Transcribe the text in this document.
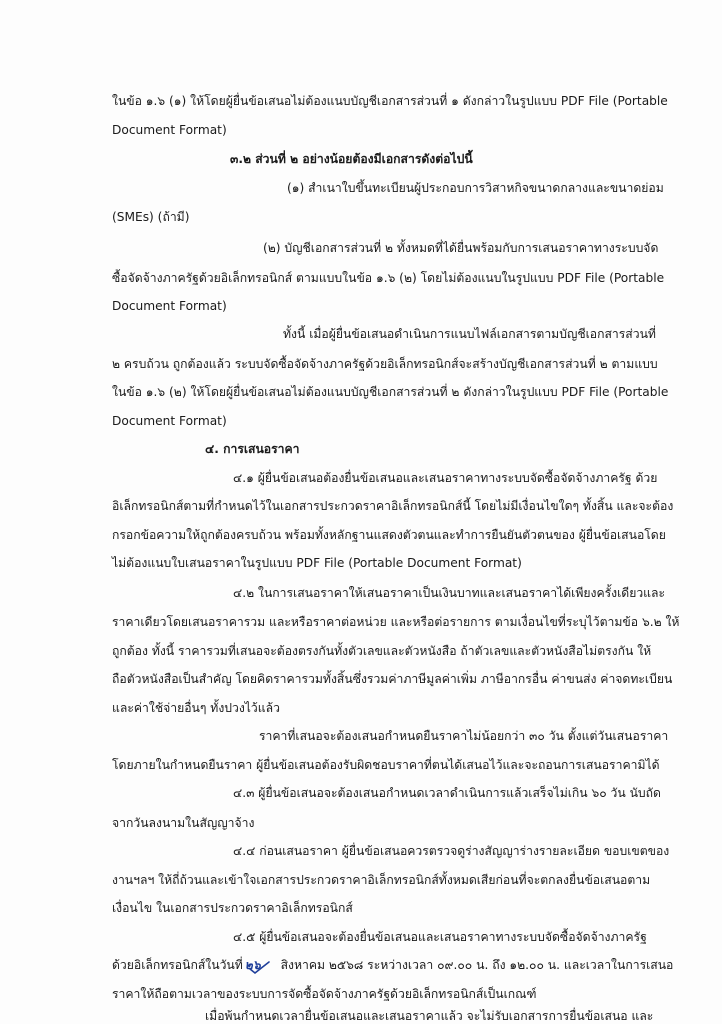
ในข้อ ๑.๖ (๑) ให้โดยผู้ยื่นข้อเสนอไม่ต้องแนบบัญชีเอกสารส่วนที่ ๑ ดังกล่าวในรูปแบบ PDF File (Portable
Document Format)
๓.๒ ส่วนที่ ๒ อย่างน้อยต้องมีเอกสารดังต่อไปนี้
(๑) สำเนาใบขึ้นทะเบียนผู้ประกอบการวิสาหกิจขนาดกลางและขนาดย่อม
(SMEs) (ถ้ามี)
(๒) บัญชีเอกสารส่วนที่ ๒ ทั้งหมดที่ได้ยื่นพร้อมกับการเสนอราคาทางระบบจัด
ซื้อจัดจ้างภาครัฐด้วยอิเล็กทรอนิกส์ ตามแบบในข้อ ๑.๖ (๒) โดยไม่ต้องแนบในรูปแบบ PDF File (Portable
Document Format)
ทั้งนี้ เมื่อผู้ยื่นข้อเสนอดำเนินการแนบไฟล์เอกสารตามบัญชีเอกสารส่วนที่
๒ ครบถ้วน ถูกต้องแล้ว ระบบจัดซื้อจัดจ้างภาครัฐด้วยอิเล็กทรอนิกส์จะสร้างบัญชีเอกสารส่วนที่ ๒ ตามแบบ
ในข้อ ๑.๖ (๒) ให้โดยผู้ยื่นข้อเสนอไม่ต้องแนบบัญชีเอกสารส่วนที่ ๒ ดังกล่าวในรูปแบบ PDF File (Portable
Document Format)
๔. การเสนอราคา
๔.๑ ผู้ยื่นข้อเสนอต้องยื่นข้อเสนอและเสนอราคาทางระบบจัดซื้อจัดจ้างภาครัฐ ด้วย
อิเล็กทรอนิกส์ตามที่กำหนดไว้ในเอกสารประกวดราคาอิเล็กทรอนิกส์นี้ โดยไม่มีเงื่อนไขใดๆ ทั้งสิ้น และจะต้อง
กรอกข้อความให้ถูกต้องครบถ้วน พร้อมทั้งหลักฐานแสดงตัวตนและทำการยืนยันตัวตนของ ผู้ยื่นข้อเสนอโดย
ไม่ต้องแนบใบเสนอราคาในรูปแบบ PDF File (Portable Document Format)
๔.๒ ในการเสนอราคาให้เสนอราคาเป็นเงินบาทและเสนอราคาได้เพียงครั้งเดียวและ
ราคาเดียวโดยเสนอราคารวม และหรือราคาต่อหน่วย และหรือต่อรายการ ตามเงื่อนไขที่ระบุไว้ตามข้อ ๖.๒ ให้
ถูกต้อง ทั้งนี้ ราคารวมที่เสนอจะต้องตรงกันทั้งตัวเลขและตัวหนังสือ ถ้าตัวเลขและตัวหนังสือไม่ตรงกัน ให้
ถือตัวหนังสือเป็นสำคัญ โดยคิดราคารวมทั้งสิ้นซึ่งรวมค่าภาษีมูลค่าเพิ่ม ภาษีอากรอื่น ค่าขนส่ง ค่าจดทะเบียน
และค่าใช้จ่ายอื่นๆ ทั้งปวงไว้แล้ว
ราคาที่เสนอจะต้องเสนอกำหนดยืนราคาไม่น้อยกว่า ๓๐ วัน ตั้งแต่วันเสนอราคา
โดยภายในกำหนดยืนราคา ผู้ยื่นข้อเสนอต้องรับผิดชอบราคาที่ตนได้เสนอไว้และจะถอนการเสนอราคามิได้
๔.๓ ผู้ยื่นข้อเสนอจะต้องเสนอกำหนดเวลาดำเนินการแล้วเสร็จไม่เกิน ๖๐ วัน นับถัด
จากวันลงนามในสัญญาจ้าง
๔.๔ ก่อนเสนอราคา ผู้ยื่นข้อเสนอควรตรวจดูร่างสัญญาร่างรายละเอียด ขอบเขตของ
งานฯลฯ ให้ถี่ถ้วนและเข้าใจเอกสารประกวดราคาอิเล็กทรอนิกส์ทั้งหมดเสียก่อนที่จะตกลงยื่นข้อเสนอตาม
เงื่อนไข ในเอกสารประกวดราคาอิเล็กทรอนิกส์
๔.๕ ผู้ยื่นข้อเสนอจะต้องยื่นข้อเสนอและเสนอราคาทางระบบจัดซื้อจัดจ้างภาครัฐ
ด้วยอิเล็กทรอนิกส์ในวันที่ ๒๖ สิงหาคม ๒๕๖๘ ระหว่างเวลา ๐๙.๐๐ น. ถึง ๑๒.๐๐ น. และเวลาในการเสนอ
ราคาให้ถือตามเวลาของระบบการจัดซื้อจัดจ้างภาครัฐด้วยอิเล็กทรอนิกส์เป็นเกณฑ์
เมื่อพ้นกำหนดเวลายื่นข้อเสนอและเสนอราคาแล้ว จะไม่รับเอกสารการยื่นข้อเสนอ และ
